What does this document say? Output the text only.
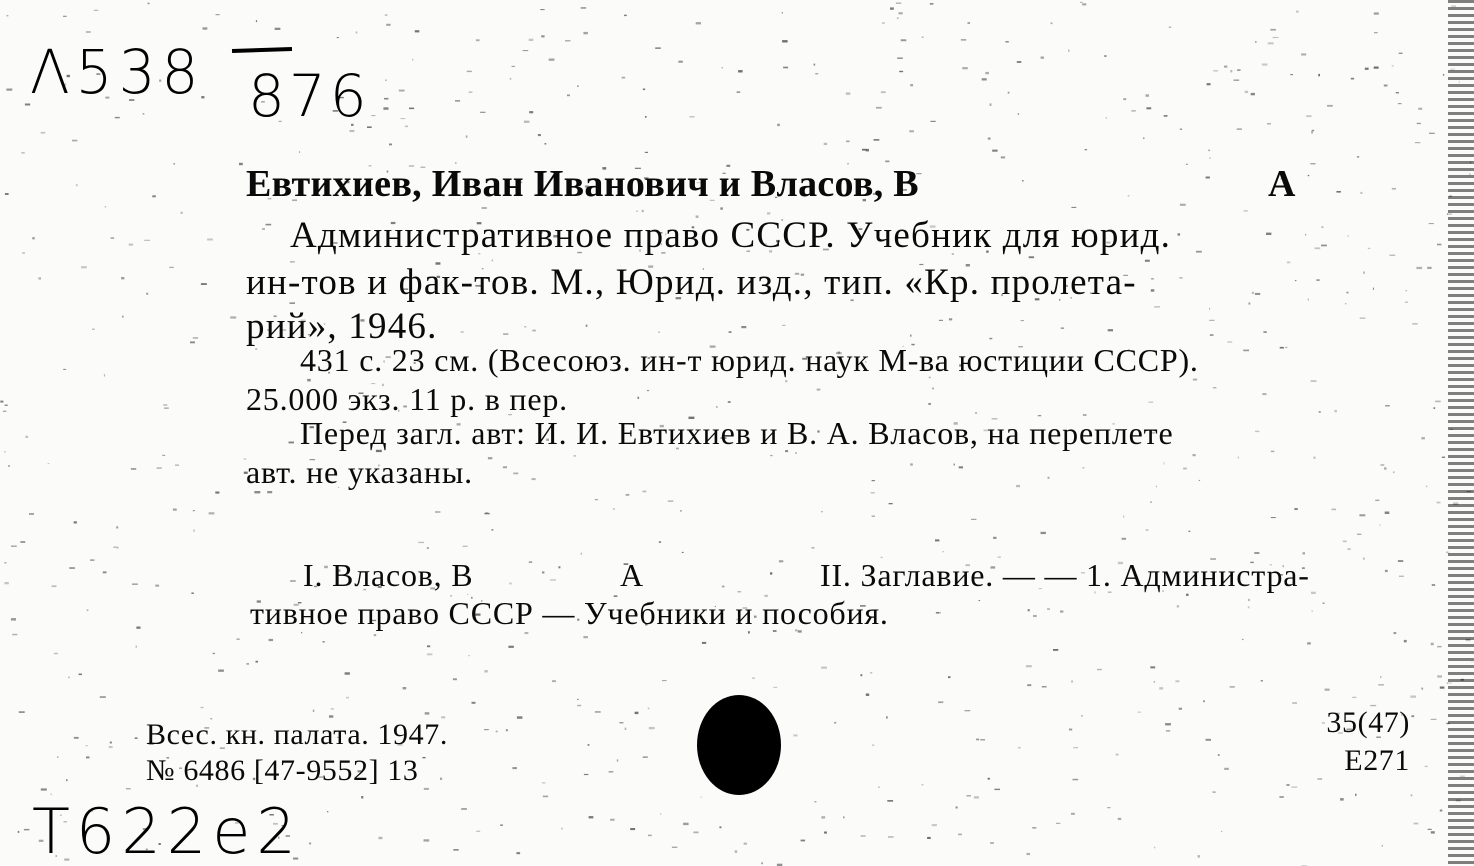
Λ538 876
Евтихиев, Иван Иванович и Власов, В	А
Административное право СССР. Учебник для юрид.
ин-тов и фак-тов. М., Юрид. изд., тип. «Кр. пролета-
рий», 1946.
431 с. 23 см. (Всесоюз. ин-т юрид. наук М-ва юстиции СССР).
25.000 экз. 11 р. в пер.
Перед загл. авт: И. И. Евтихиев и В. А. Власов, на переплете
авт. не указаны.
I. Власов, В	А	II. Заглавие. — — 1. Администра-
тивное право СССР — Учебники и пособия.
Всес. кн. палата. 1947.
№ 6486 [47-9552] 13
35(47)
Е271
T622e2
